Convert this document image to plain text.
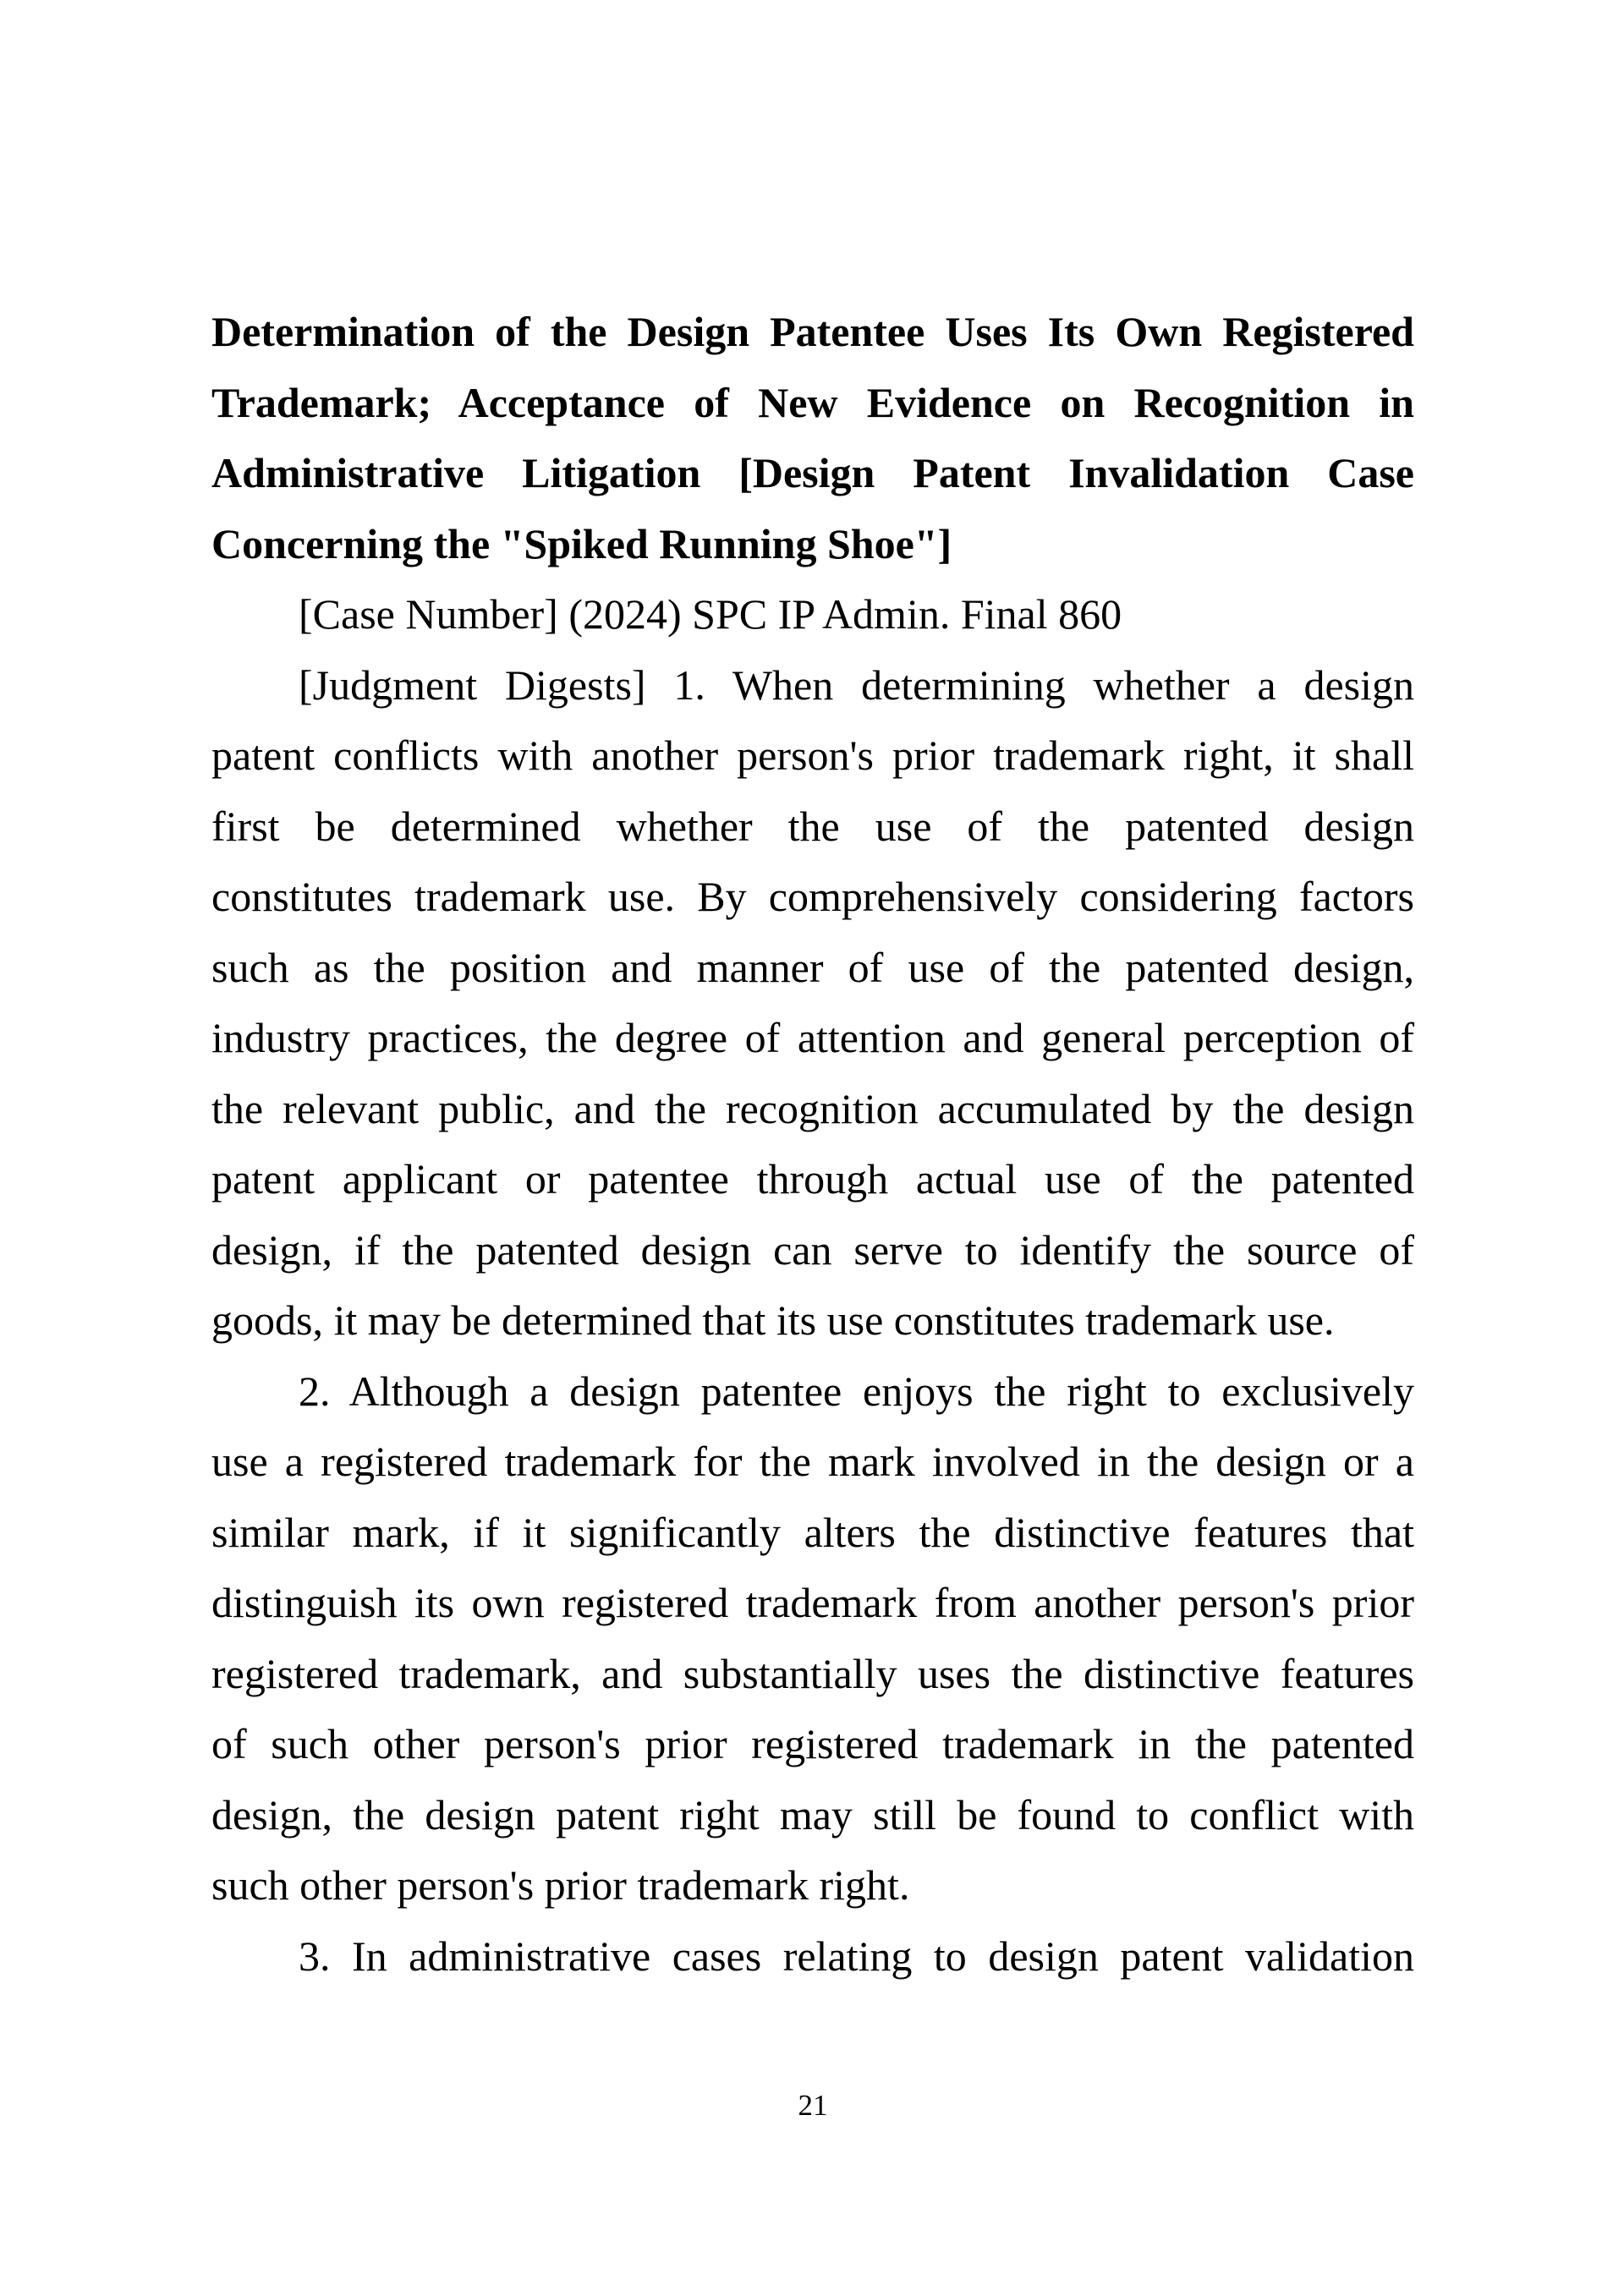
Determination of the Design Patentee Uses Its Own Registered
Trademark; Acceptance of New Evidence on Recognition in
Administrative Litigation [Design Patent Invalidation Case
Concerning the "Spiked Running Shoe"]
[Case Number] (2024) SPC IP Admin. Final 860
[Judgment Digests] 1. When determining whether a design
patent conflicts with another person's prior trademark right, it shall
first be determined whether the use of the patented design
constitutes trademark use. By comprehensively considering factors
such as the position and manner of use of the patented design,
industry practices, the degree of attention and general perception of
the relevant public, and the recognition accumulated by the design
patent applicant or patentee through actual use of the patented
design, if the patented design can serve to identify the source of
goods, it may be determined that its use constitutes trademark use.
2. Although a design patentee enjoys the right to exclusively
use a registered trademark for the mark involved in the design or a
similar mark, if it significantly alters the distinctive features that
distinguish its own registered trademark from another person's prior
registered trademark, and substantially uses the distinctive features
of such other person's prior registered trademark in the patented
design, the design patent right may still be found to conflict with
such other person's prior trademark right.
3. In administrative cases relating to design patent validation
21
